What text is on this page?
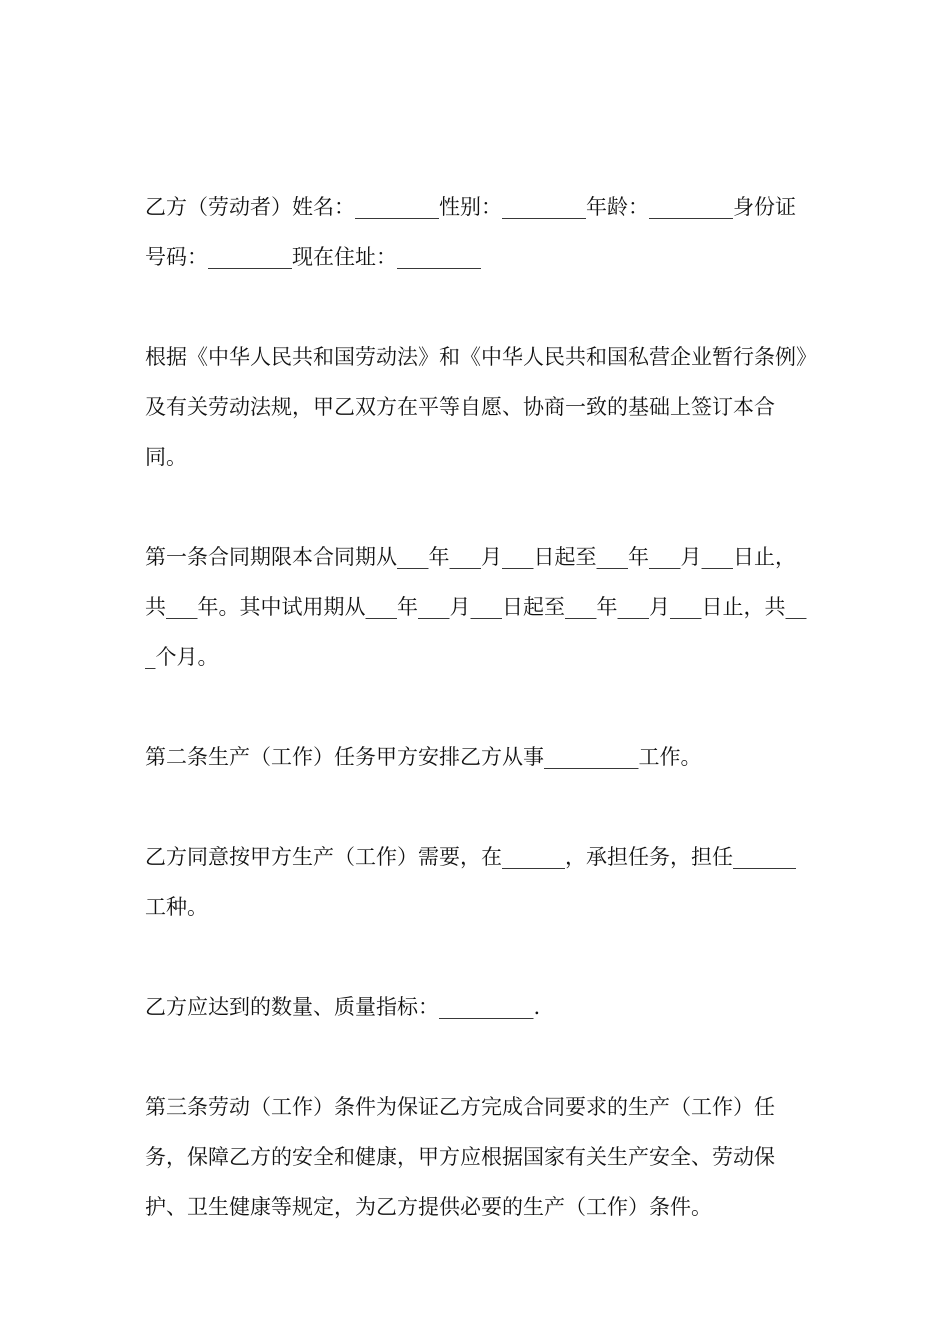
乙方（劳动者）姓名：________性别：________年龄：________身份证号码：________现在住址：________

根据《中华人民共和国劳动法》和《中华人民共和国私营企业暂行条例》及有关劳动法规，甲乙双方在平等自愿、协商一致的基础上签订本合同。

第一条合同期限本合同期从___年___月___日起至___年___月___日止，共___年。其中试用期从___年___月___日起至___年___月___日止，共___个月。

第二条生产（工作）任务甲方安排乙方从事_________工作。

乙方同意按甲方生产（工作）需要，在______，承担任务，担任______工种。

乙方应达到的数量、质量指标：_________.

第三条劳动（工作）条件为保证乙方完成合同要求的生产（工作）任务，保障乙方的安全和健康，甲方应根据国家有关生产安全、劳动保护、卫生健康等规定，为乙方提供必要的生产（工作）条件。
